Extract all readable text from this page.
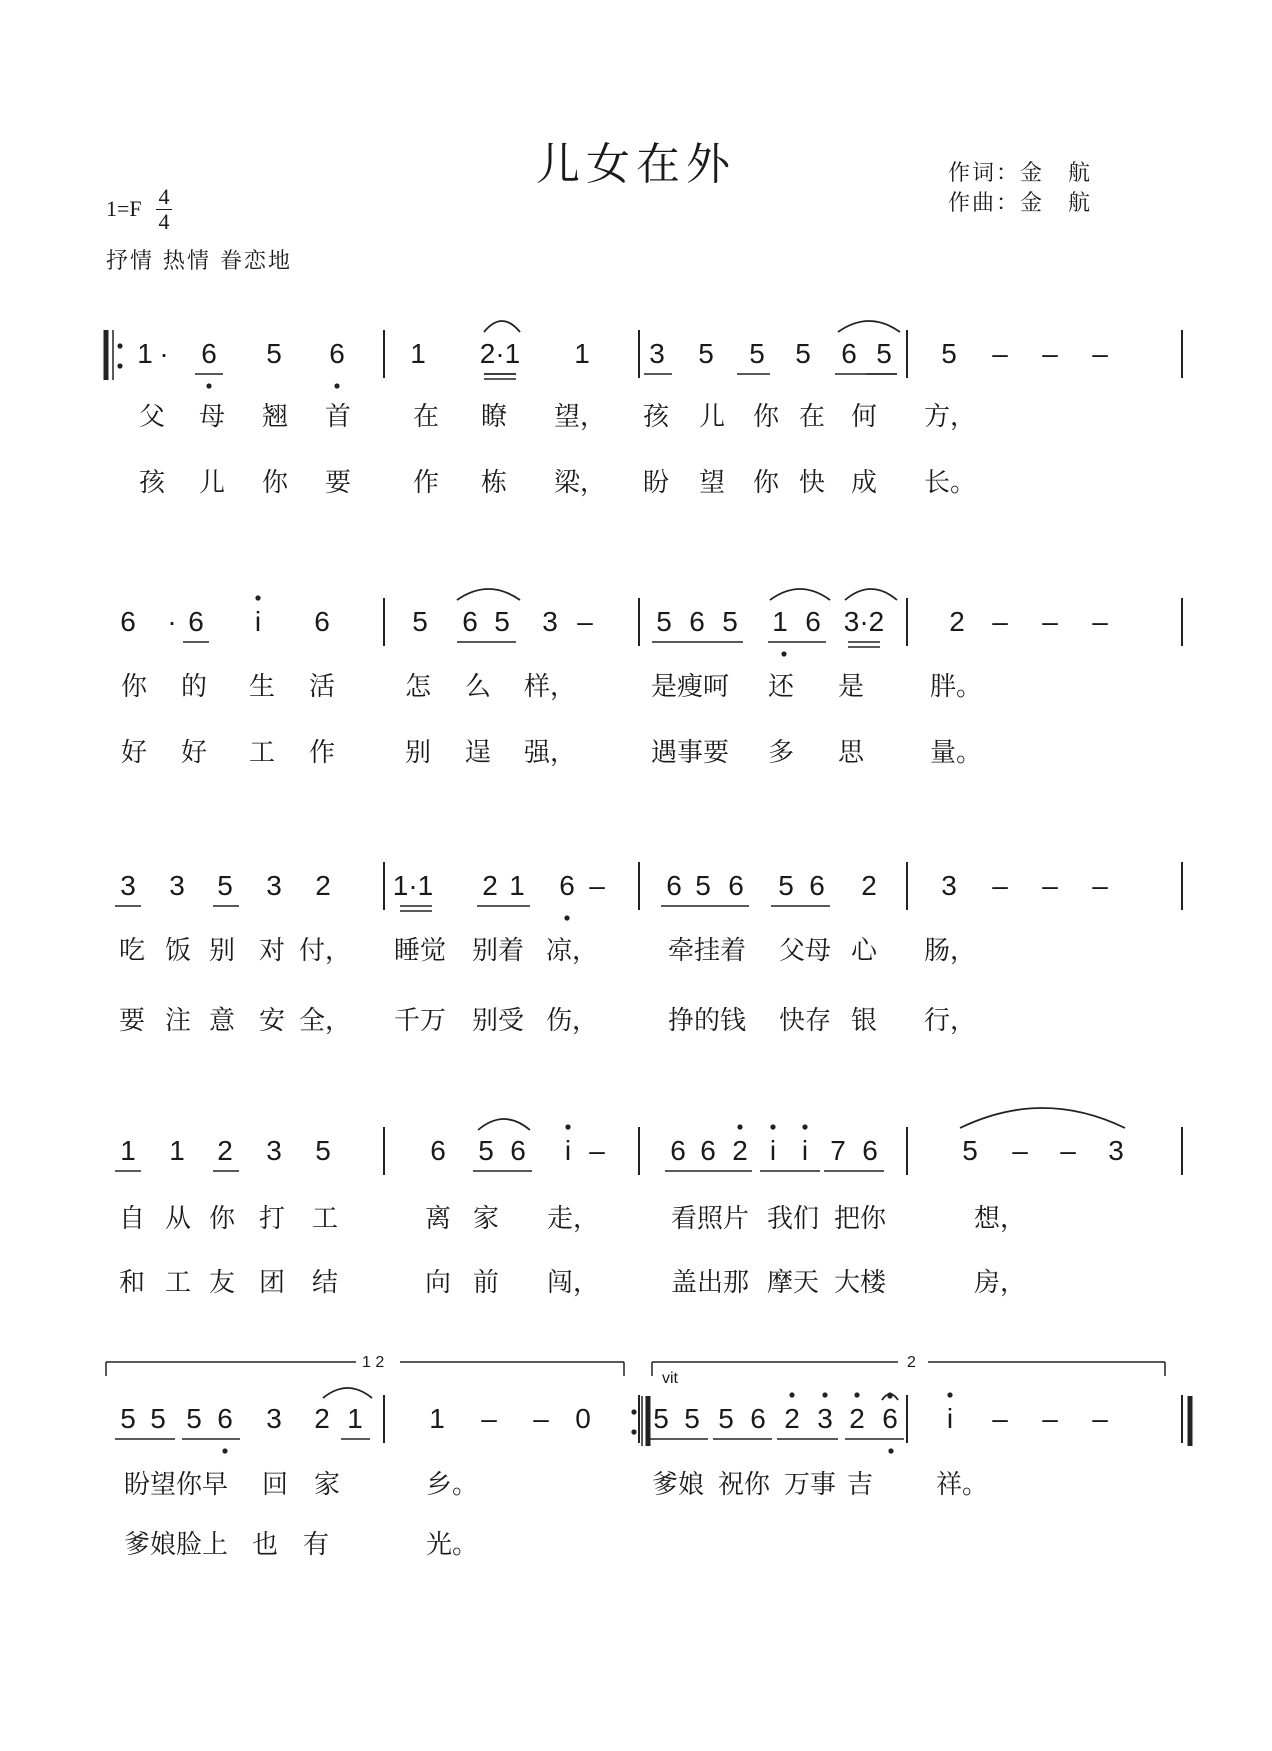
儿女在外	作词：金　航
作曲：金　航
1=F 4
4
抒情 热情 眷恋地
1 · 6 5 6 1 2·1 1 3 5 5 5 6 5 5 – – –
父 母 翘 首 在 瞭 望， 孩 儿 你 在 何 方，
孩 儿 你 要 作 栋 梁， 盼 望 你 快 成 长。
6 · 6 i 6	5 6 5 3 – 5 6 5 1 6 3·2 2 – – –
你 的 生 活	怎 么 样，	是瘦呵 还 是	胖。
好 好 工 作	别 逞 强，	遇事要 多 思	量。
3 3 5 3 2 1·1 2 1 6 – 6 5 6 5 6 2 3 – – –
吃 饭 别 对 付， 睡觉 别着 凉，	牵挂着 父母 心 肠，
要 注 意 安 全， 千万 别受 伤，	挣的钱 快存 银 行，
1 1 2 3 5	6 5 6 i – 6 6 2 i i 7 6	5 – – 3
自 从 你 打 工	离 家 走，	看照片 我们 把你	想，
和 工 友 团 结	向 前 闯，	盖出那 摩天 大楼	房，
5 5 5 6 3 2 1 1 – – 0 5 5 5 6 2 3 2 6 i – – –
盼望你早 回 家	乡。	爹娘 祝你 万事 吉 祥。
爹娘脸上 也 有	光。
1 2	2
vit
